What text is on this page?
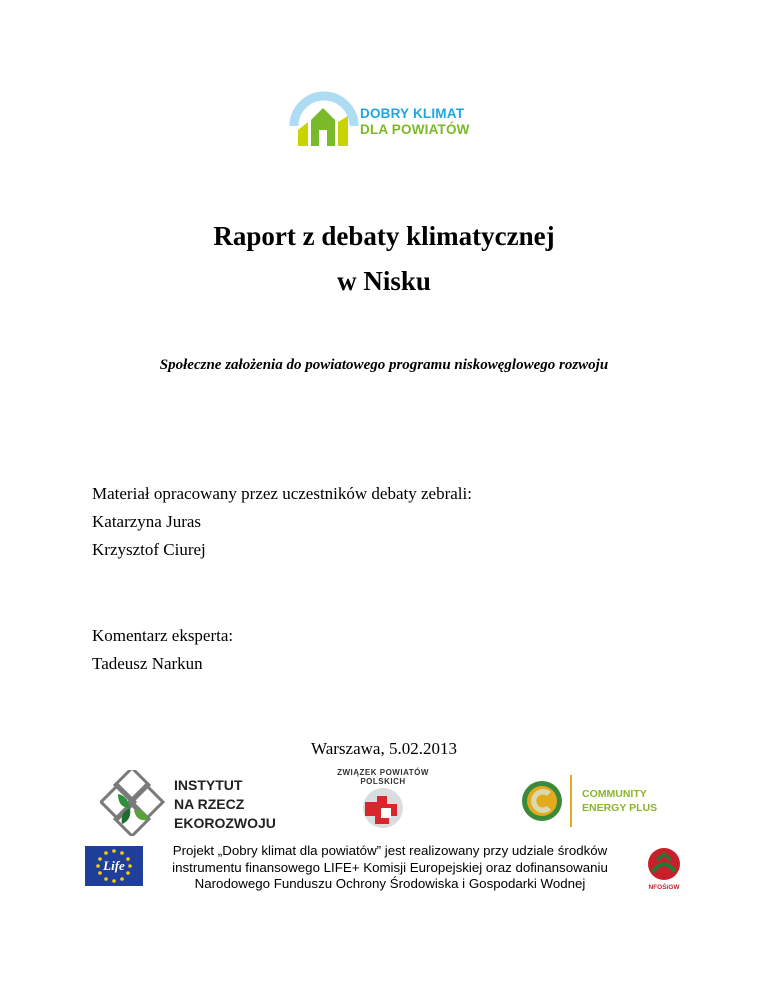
DOBRY KLIMAT
DLA POWIATÓW
Raport z debaty klimatycznej
w Nisku
Społeczne założenia do powiatowego programu niskowęglowego rozwoju
Materiał opracowany przez uczestników debaty zebrali:
Katarzyna Juras
Krzysztof Ciurej
Komentarz eksperta:
Tadeusz Narkun
Warszawa, 5.02.2013
INSTYTUT
NA RZECZ
EKOROZWOJU
ZWIĄZEK POWIATÓW POLSKICH
COMMUNITY
ENERGY PLUS
Life
Projekt „Dobry klimat dla powiatów” jest realizowany przy udziale środków
instrumentu finansowego LIFE+ Komisji Europejskiej oraz dofinansowaniu
Narodowego Funduszu Ochrony Środowiska i Gospodarki Wodnej	NFOŚiGW
